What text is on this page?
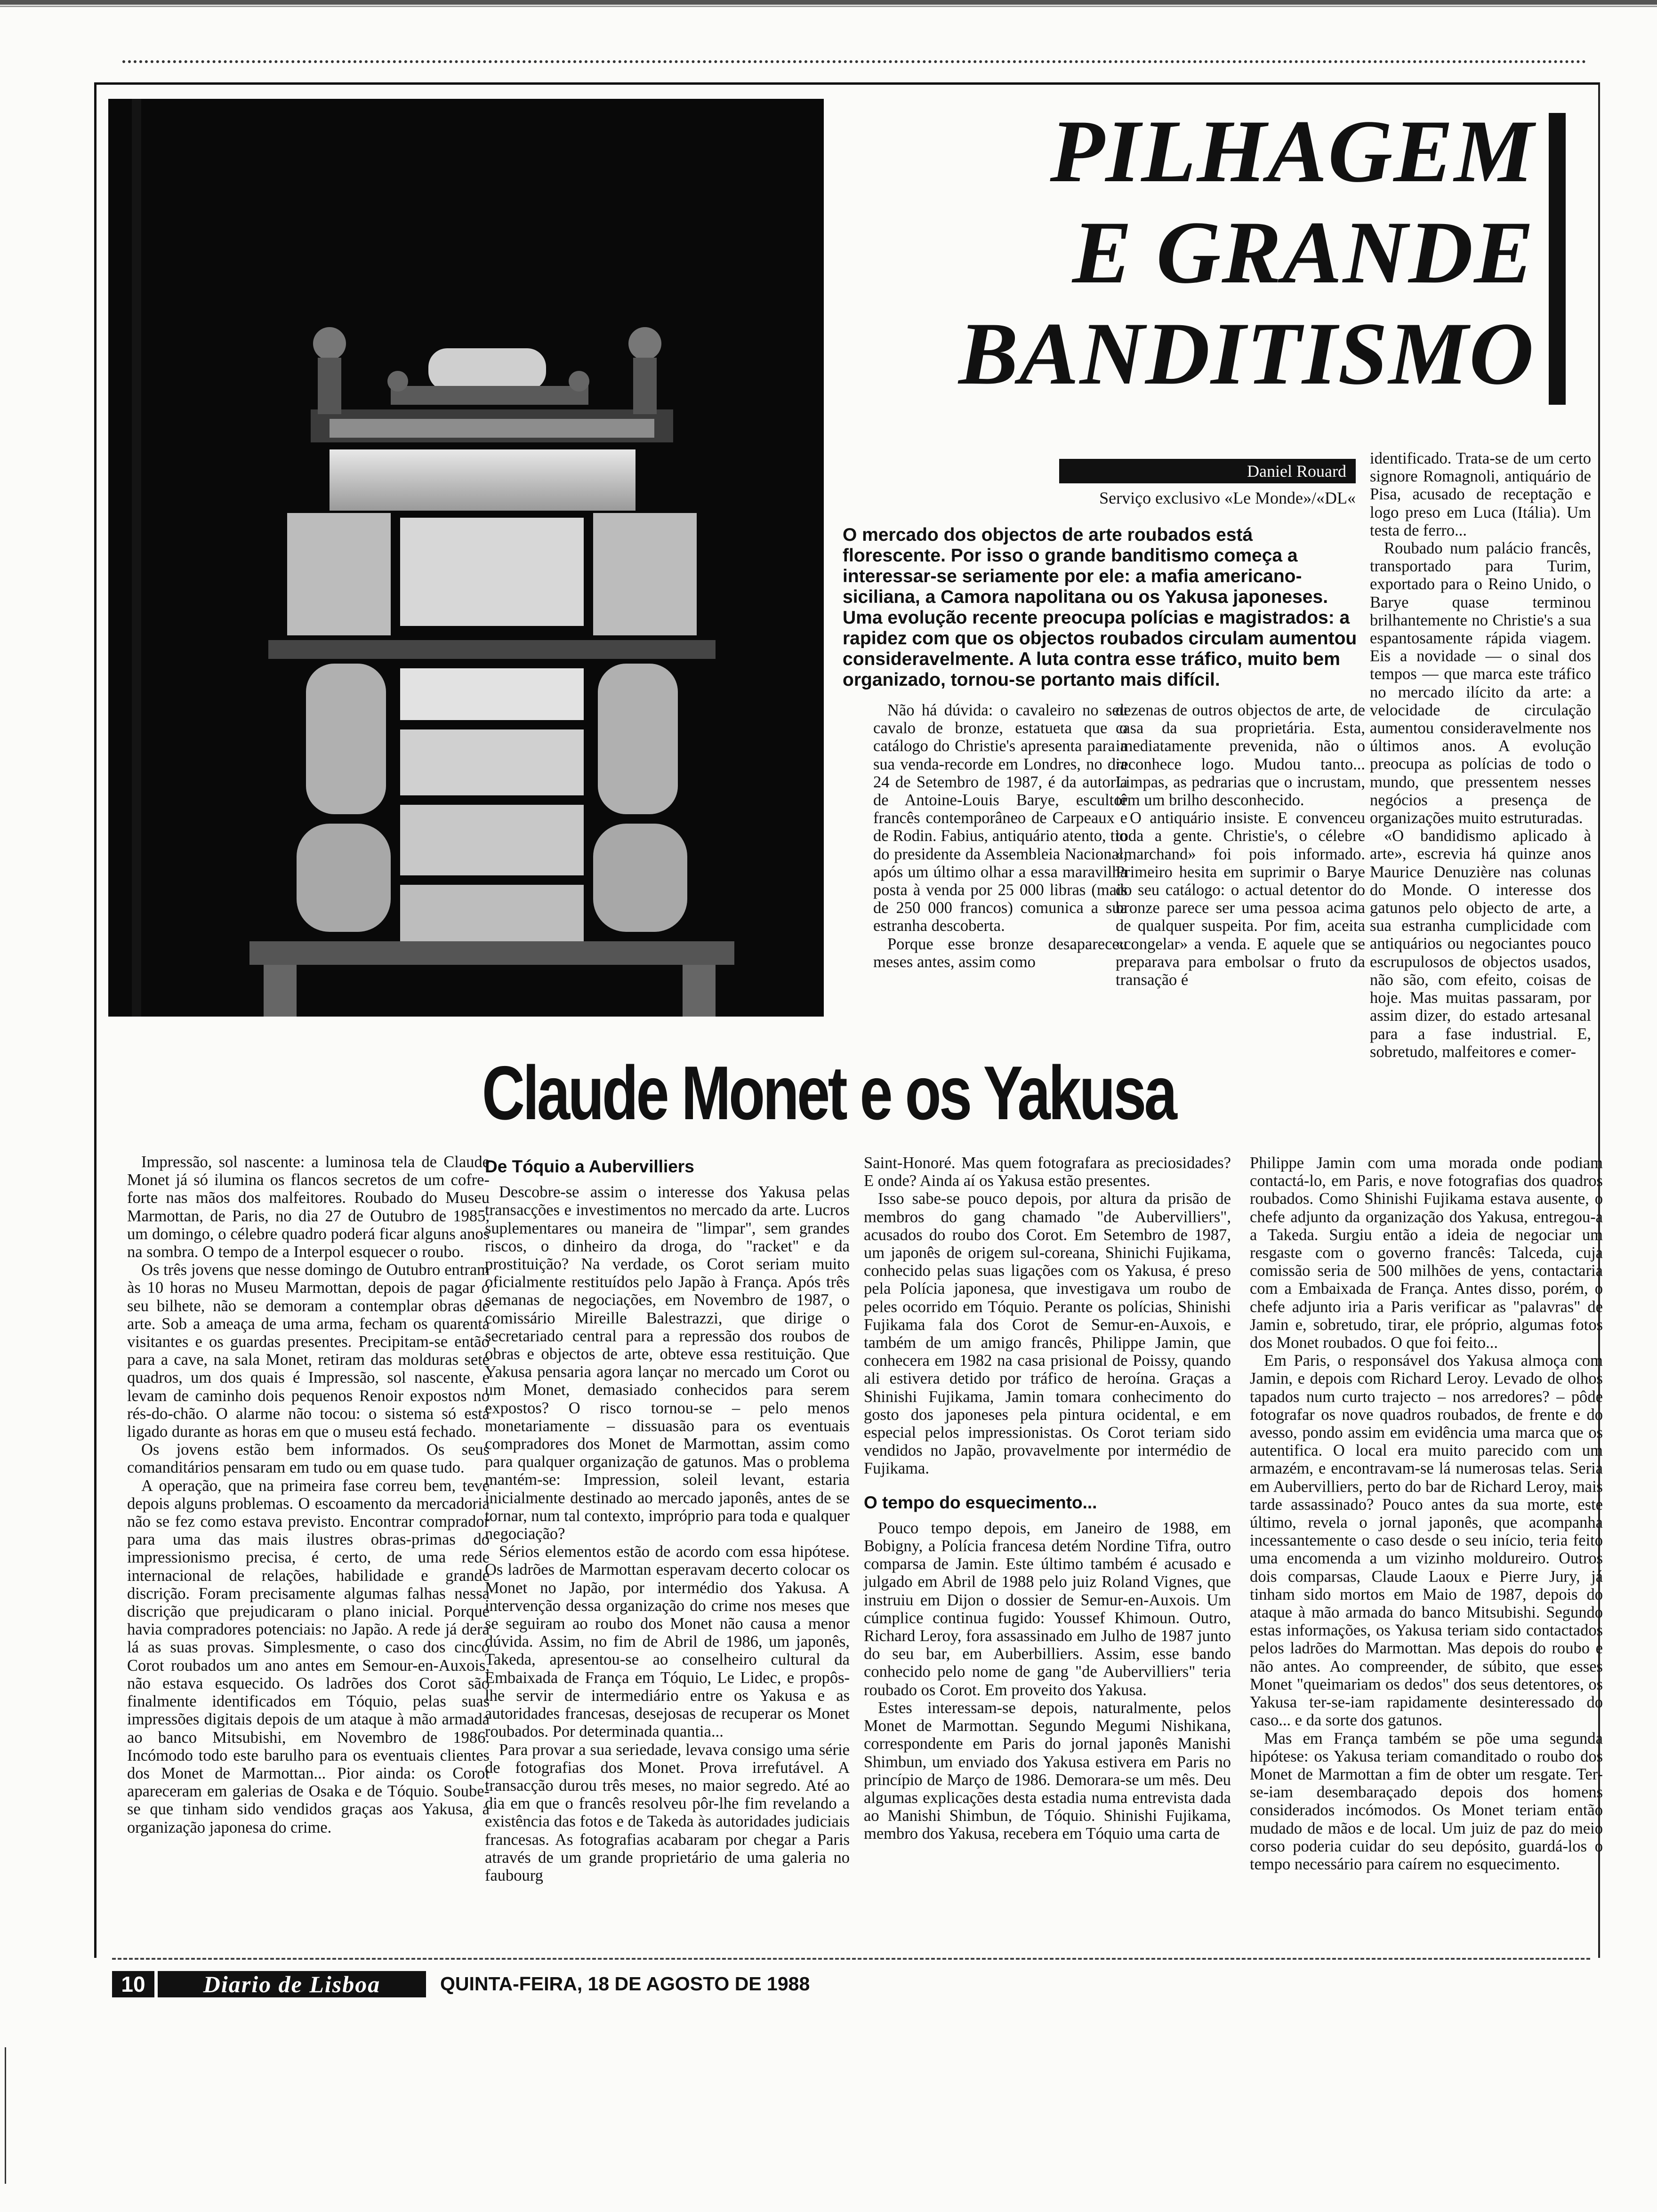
PILHAGEM
E GRANDE
BANDITISMO
Daniel Rouard
Serviço exclusivo «Le Monde»/«DL«
O mercado dos objectos de arte roubados está florescente. Por isso o grande banditismo começa a interessar-se seriamente por ele: a mafia americano-siciliana, a Camora napolitana ou os Yakusa japoneses. Uma evolução recente preocupa polícias e magistrados: a rapidez com que os objectos roubados circulam aumentou consideravelmente. A luta contra esse tráfico, muito bem organizado, tornou-se portanto mais difícil.

Não há dúvida: o cavaleiro no seu cavalo de bronze, estatueta que o catálogo do Christie's apresenta para a sua venda-recorde em Londres, no dia 24 de Setembro de 1987, é da autoria de Antoine-Louis Barye, escultor francês contemporâneo de Carpeaux e de Rodin. Fabius, antiquário atento, tio do presidente da Assembleia Nacional, após um último olhar a essa maravilha posta à venda por 25 000 libras (mais de 250 000 francos) comunica a sua estranha descoberta.

Porque esse bronze desapareceu meses antes, assim como

dezenas de outros objectos de arte, de casa da sua proprietária. Esta, imediatamente prevenida, não o reconhece logo. Mudou tanto... Limpas, as pedrarias que o incrustam, têm um brilho desconhecido.

O antiquário insiste. E convenceu toda a gente. Christie's, o célebre «marchand» foi pois informado. Primeiro hesita em suprimir o Barye do seu catálogo: o actual detentor do bronze parece ser uma pessoa acima de qualquer suspeita. Por fim, aceita «congelar» a venda. E aquele que se preparava para embolsar o fruto da transação é

identificado. Trata-se de um certo signore Romagnoli, antiquário de Pisa, acusado de receptação e logo preso em Luca (Itália). Um testa de ferro...

Roubado num palácio francês, transportado para Turim, exportado para o Reino Unido, o Barye quase terminou brilhantemente no Christie's a sua espantosamente rápida viagem. Eis a novidade — o sinal dos tempos — que marca este tráfico no mercado ilícito da arte: a velocidade de circulação aumentou consideravelmente nos últimos anos. A evolução preocupa as polícias de todo o mundo, que pressentem nesses negócios a presença de organizações muito estruturadas.

«O bandidismo aplicado à arte», escrevia há quinze anos Maurice Denuzière nas colunas do Monde. O interesse dos gatunos pelo objecto de arte, a sua estranha cumplicidade com antiquários ou negociantes pouco escrupulosos de objectos usados, não são, com efeito, coisas de hoje. Mas muitas passaram, por assim dizer, do estado artesanal para a fase industrial. E, sobretudo, malfeitores e comer-

Claude Monet e os Yakusa

Impressão, sol nascente: a luminosa tela de Claude Monet já só ilumina os flancos secretos de um cofre-forte nas mãos dos malfeitores. Roubado do Museu Marmottan, de Paris, no dia 27 de Outubro de 1985, um domingo, o célebre quadro poderá ficar alguns anos na sombra. O tempo de a Interpol esquecer o roubo.

Os três jovens que nesse domingo de Outubro entram às 10 horas no Museu Marmottan, depois de pagar o seu bilhete, não se demoram a contemplar obras de arte. Sob a ameaça de uma arma, fecham os quarenta visitantes e os guardas presentes. Precipitam-se então para a cave, na sala Monet, retiram das molduras sete quadros, um dos quais é Impressão, sol nascente, e levam de caminho dois pequenos Renoir expostos no rés-do-chão. O alarme não tocou: o sistema só está ligado durante as horas em que o museu está fechado.

Os jovens estão bem informados. Os seus comanditários pensaram em tudo ou em quase tudo.

A operação, que na primeira fase correu bem, teve depois alguns problemas. O escoamento da mercadoria não se fez como estava previsto. Encontrar comprador para uma das mais ilustres obras-primas do impressionismo precisa, é certo, de uma rede internacional de relações, habilidade e grande discrição. Foram precisamente algumas falhas nessa discrição que prejudicaram o plano inicial. Porque havia compradores potenciais: no Japão. A rede já dera lá as suas provas. Simplesmente, o caso dos cinco Corot roubados um ano antes em Semour-en-Auxois, não estava esquecido. Os ladrões dos Corot são finalmente identificados em Tóquio, pelas suas impressões digitais depois de um ataque à mão armada ao banco Mitsubishi, em Novembro de 1986. Incómodo todo este barulho para os eventuais clientes dos Monet de Marmottan... Pior ainda: os Corot apareceram em galerias de Osaka e de Tóquio. Soube-se que tinham sido vendidos graças aos Yakusa, a organização japonesa do crime.

De Tóquio a Aubervilliers

Descobre-se assim o interesse dos Yakusa pelas transacções e investimentos no mercado da arte. Lucros suplementares ou maneira de "limpar", sem grandes riscos, o dinheiro da droga, do "racket" e da prostituição? Na verdade, os Corot seriam muito oficialmente restituídos pelo Japão à França. Após três semanas de negociações, em Novembro de 1987, o comissário Mireille Balestrazzi, que dirige o secretariado central para a repressão dos roubos de obras e objectos de arte, obteve essa restituição. Que Yakusa pensaria agora lançar no mercado um Corot ou um Monet, demasiado conhecidos para serem expostos? O risco tornou-se – pelo menos monetariamente – dissuasão para os eventuais compradores dos Monet de Marmottan, assim como para qualquer organização de gatunos. Mas o problema mantém-se: Impression, soleil levant, estaria inicialmente destinado ao mercado japonês, antes de se tornar, num tal contexto, impróprio para toda e qualquer negociação?

Sérios elementos estão de acordo com essa hipótese. Os ladrões de Marmottan esperavam decerto colocar os Monet no Japão, por intermédio dos Yakusa. A intervenção dessa organização do crime nos meses que se seguiram ao roubo dos Monet não causa a menor dúvida. Assim, no fim de Abril de 1986, um japonês, Takeda, apresentou-se ao conselheiro cultural da Embaixada de França em Tóquio, Le Lidec, e propôs-lhe servir de intermediário entre os Yakusa e as autoridades francesas, desejosas de recuperar os Monet roubados. Por determinada quantia...

Para provar a sua seriedade, levava consigo uma série de fotografias dos Monet. Prova irrefutável. A transacção durou três meses, no maior segredo. Até ao dia em que o francês resolveu pôr-lhe fim revelando a existência das fotos e de Takeda às autoridades judiciais francesas. As fotografias acabaram por chegar a Paris através de um grande proprietário de uma galeria no faubourg

Saint-Honoré. Mas quem fotografara as preciosidades? E onde? Ainda aí os Yakusa estão presentes.

Isso sabe-se pouco depois, por altura da prisão de membros do gang chamado "de Aubervilliers", acusados do roubo dos Corot. Em Setembro de 1987, um japonês de origem sul-coreana, Shinichi Fujikama, conhecido pelas suas ligações com os Yakusa, é preso pela Polícia japonesa, que investigava um roubo de peles ocorrido em Tóquio. Perante os polícias, Shinishi Fujikama fala dos Corot de Semur-en-Auxois, e também de um amigo francês, Philippe Jamin, que conhecera em 1982 na casa prisional de Poissy, quando ali estivera detido por tráfico de heroína. Graças a Shinishi Fujikama, Jamin tomara conhecimento do gosto dos japoneses pela pintura ocidental, e em especial pelos impressionistas. Os Corot teriam sido vendidos no Japão, provavelmente por intermédio de Fujikama.

O tempo do esquecimento...

Pouco tempo depois, em Janeiro de 1988, em Bobigny, a Polícia francesa detém Nordine Tifra, outro comparsa de Jamin. Este último também é acusado e julgado em Abril de 1988 pelo juiz Roland Vignes, que instruiu em Dijon o dossier de Semur-en-Auxois. Um cúmplice continua fugido: Youssef Khimoun. Outro, Richard Leroy, fora assassinado em Julho de 1987 junto do seu bar, em Auberbilliers. Assim, esse bando conhecido pelo nome de gang "de Aubervilliers" teria roubado os Corot. Em proveito dos Yakusa.

Estes interessam-se depois, naturalmente, pelos Monet de Marmottan. Segundo Megumi Nishikana, correspondente em Paris do jornal japonês Manishi Shimbun, um enviado dos Yakusa estivera em Paris no princípio de Março de 1986. Demorara-se um mês. Deu algumas explicações desta estadia numa entrevista dada ao Manishi Shimbun, de Tóquio. Shinishi Fujikama, membro dos Yakusa, recebera em Tóquio uma carta de

Philippe Jamin com uma morada onde podiam contactá-lo, em Paris, e nove fotografias dos quadros roubados. Como Shinishi Fujikama estava ausente, o chefe adjunto da organização dos Yakusa, entregou-a a Takeda. Surgiu então a ideia de negociar um resgaste com o governo francês: Talceda, cuja comissão seria de 500 milhões de yens, contactaria com a Embaixada de França. Antes disso, porém, o chefe adjunto iria a Paris verificar as "palavras" de Jamin e, sobretudo, tirar, ele próprio, algumas fotos dos Monet roubados. O que foi feito...

Em Paris, o responsável dos Yakusa almoça com Jamin, e depois com Richard Leroy. Levado de olhos tapados num curto trajecto – nos arredores? – pôde fotografar os nove quadros roubados, de frente e do avesso, pondo assim em evidência uma marca que os autentifica. O local era muito parecido com um armazém, e encontravam-se lá numerosas telas. Seria em Aubervilliers, perto do bar de Richard Leroy, mais tarde assassinado? Pouco antes da sua morte, este último, revela o jornal japonês, que acompanha incessantemente o caso desde o seu início, teria feito uma encomenda a um vizinho moldureiro. Outros dois comparsas, Claude Laoux e Pierre Jury, já tinham sido mortos em Maio de 1987, depois do ataque à mão armada do banco Mitsubishi. Segundo estas informações, os Yakusa teriam sido contactados pelos ladrões do Marmottan. Mas depois do roubo e não antes. Ao compreender, de súbito, que esses Monet "queimariam os dedos" dos seus detentores, os Yakusa ter-se-iam rapidamente desinteressado do caso... e da sorte dos gatunos.

Mas em França também se põe uma segunda hipótese: os Yakusa teriam comanditado o roubo dos Monet de Marmottan a fim de obter um resgate. Ter-se-iam desembaraçado depois dos homens considerados incómodos. Os Monet teriam então mudado de mãos e de local. Um juiz de paz do meio corso poderia cuidar do seu depósito, guardá-los o tempo necessário para caírem no esquecimento.

10	Diario de Lisboa	QUINTA-FEIRA, 18 DE AGOSTO DE 1988
